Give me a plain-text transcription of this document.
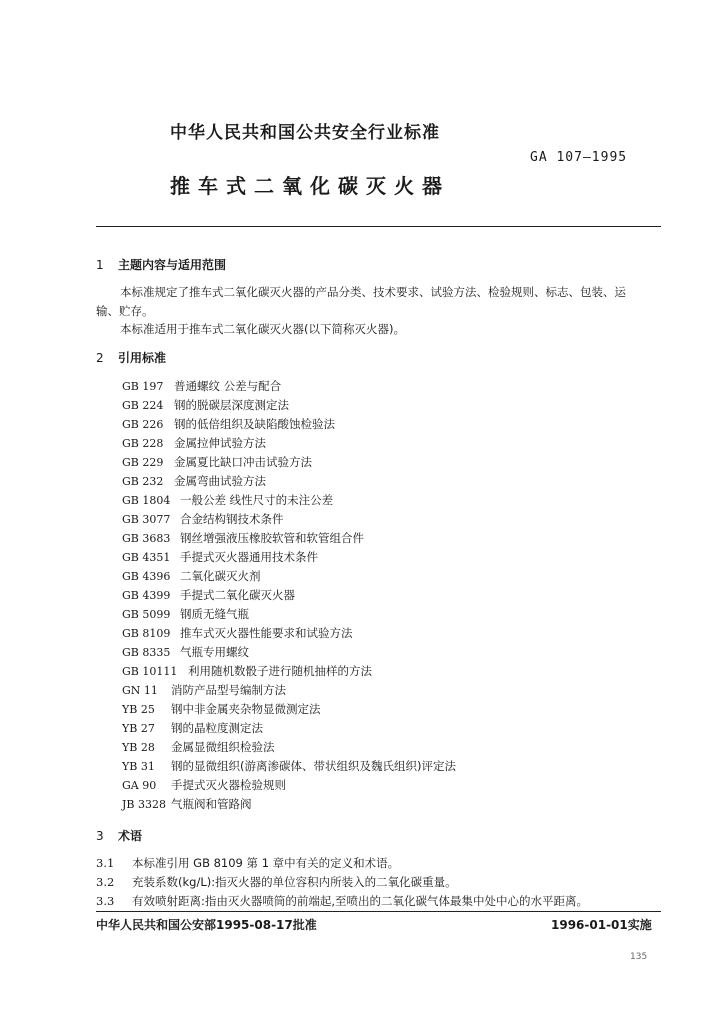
中华人民共和国公共安全行业标准
GA 107—1995
推车式二氧化碳灭火器
1 主题内容与适用范围
本标准规定了推车式二氧化碳灭火器的产品分类、技术要求、试验方法、检验规则、标志、包装、运
输、贮存。
本标准适用于推车式二氧化碳灭火器(以下简称灭火器)。
2 引用标准
GB 197 普通螺纹 公差与配合
GB 224 钢的脱碳层深度测定法
GB 226 钢的低倍组织及缺陷酸蚀检验法
GB 228 金属拉伸试验方法
GB 229 金属夏比缺口冲击试验方法
GB 232 金属弯曲试验方法
GB 1804 一般公差 线性尺寸的未注公差
GB 3077 合金结构钢技术条件
GB 3683 钢丝增强液压橡胶软管和软管组合件
GB 4351 手提式灭火器通用技术条件
GB 4396 二氧化碳灭火剂
GB 4399 手提式二氧化碳灭火器
GB 5099 钢质无缝气瓶
GB 8109 推车式灭火器性能要求和试验方法
GB 8335 气瓶专用螺纹
GB 10111 利用随机数骰子进行随机抽样的方法
GN 11 消防产品型号编制方法
YB 25 钢中非金属夹杂物显微测定法
YB 27 钢的晶粒度测定法
YB 28 金属显微组织检验法
YB 31 钢的显微组织(游离渗碳体、带状组织及魏氏组织)评定法
GA 90 手提式灭火器检验规则
JB 3328 气瓶阀和管路阀
3 术语
3.1 本标准引用 GB 8109 第 1 章中有关的定义和术语。
3.2 充装系数(kg/L):指灭火器的单位容积内所装入的二氧化碳重量。
3.3 有效喷射距离:指由灭火器喷筒的前端起,至喷出的二氧化碳气体最集中处中心的水平距离。
中华人民共和国公安部1995-08-17批准	1996-01-01实施
135
